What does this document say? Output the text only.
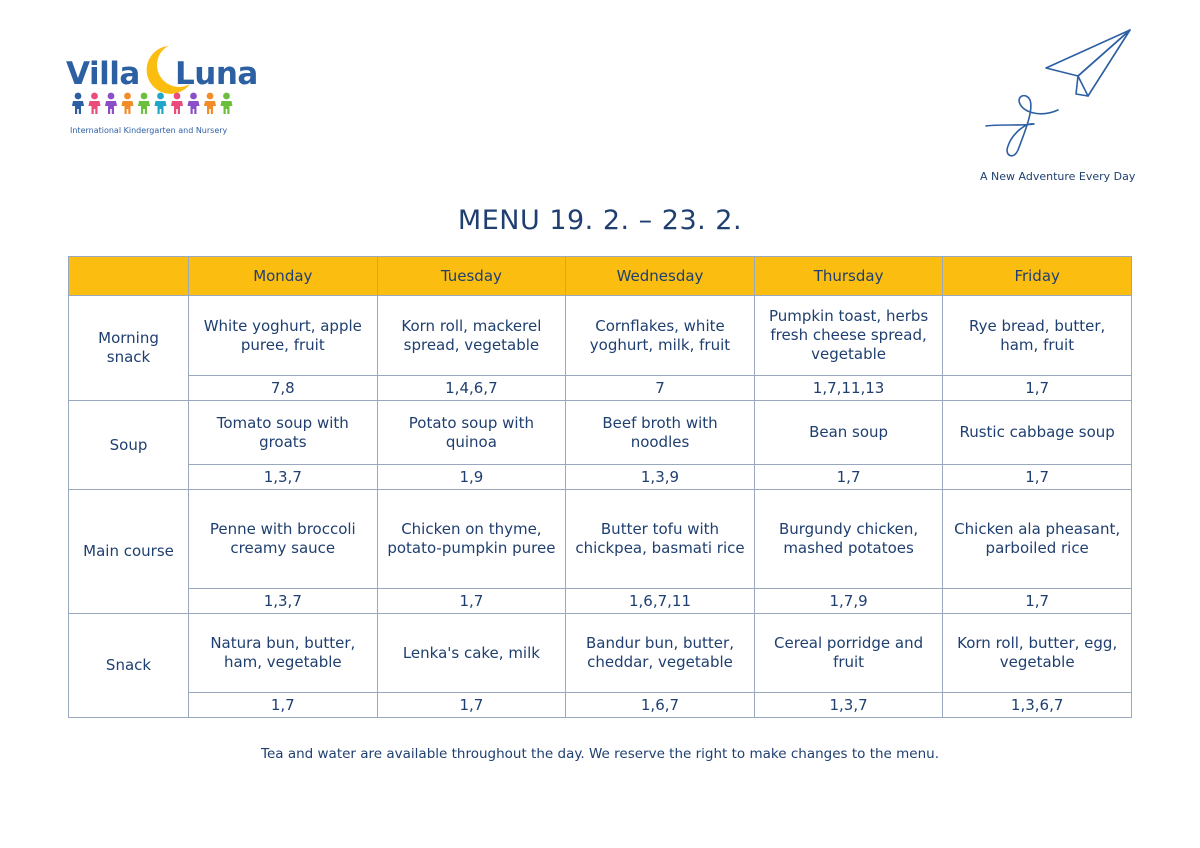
Villa Luna
International Kindergarten and Nursery
A New Adventure Every Day
MENU 19. 2. – 23. 2.
	Monday	Tuesday	Wednesday	Thursday	Friday
Morning snack	White yoghurt, apple puree, fruit	Korn roll, mackerel spread, vegetable	Cornflakes, white yoghurt, milk, fruit	Pumpkin toast, herbs fresh cheese spread, vegetable	Rye bread, butter, ham, fruit
	7,8	1,4,6,7	7	1,7,11,13	1,7
Soup	Tomato soup with groats	Potato soup with quinoa	Beef broth with noodles	Bean soup	Rustic cabbage soup
	1,3,7	1,9	1,3,9	1,7	1,7
Main course	Penne with broccoli creamy sauce	Chicken on thyme, potato-pumpkin puree	Butter tofu with chickpea, basmati rice	Burgundy chicken, mashed potatoes	Chicken ala pheasant, parboiled rice
	1,3,7	1,7	1,6,7,11	1,7,9	1,7
Snack	Natura bun, butter, ham, vegetable	Lenka's cake, milk	Bandur bun, butter, cheddar, vegetable	Cereal porridge and fruit	Korn roll, butter, egg, vegetable
	1,7	1,7	1,6,7	1,3,7	1,3,6,7
Tea and water are available throughout the day. We reserve the right to make changes to the menu.
